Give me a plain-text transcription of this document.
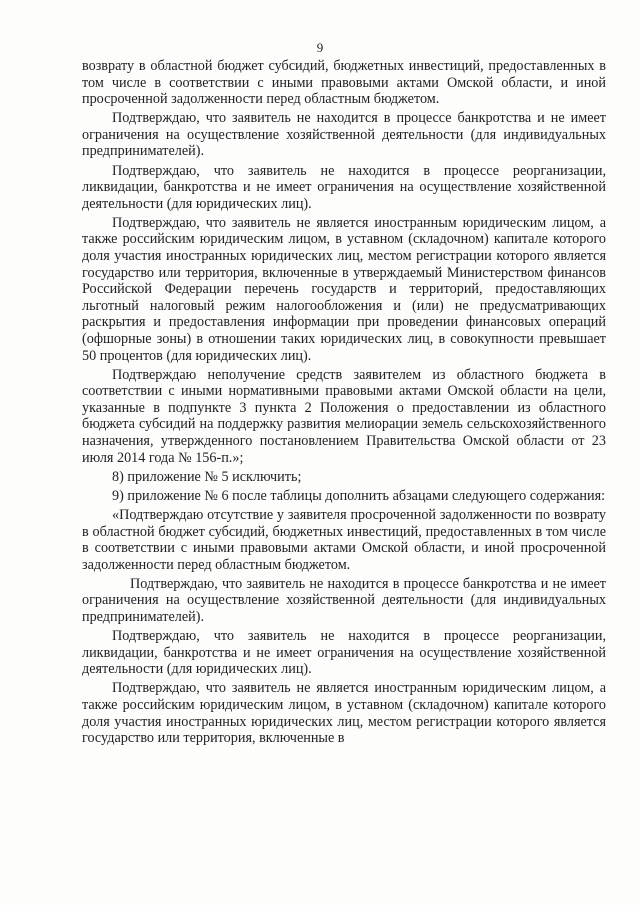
9

возврату в областной бюджет субсидий, бюджетных инвестиций, предоставленных в том числе в соответствии с иными правовыми актами Омской области, и иной просроченной задолженности перед областным бюджетом.

Подтверждаю, что заявитель не находится в процессе банкротства и не имеет ограничения на осуществление хозяйственной деятельности (для индивидуальных предпринимателей).

Подтверждаю, что заявитель не находится в процессе реорганизации, ликвидации, банкротства и не имеет ограничения на осуществление хозяйственной деятельности (для юридических лиц).

Подтверждаю, что заявитель не является иностранным юридическим лицом, а также российским юридическим лицом, в уставном (складочном) капитале которого доля участия иностранных юридических лиц, местом регистрации которого является государство или территория, включенные в утверждаемый Министерством финансов Российской Федерации перечень государств и территорий, предоставляющих льготный налоговый режим налогообложения и (или) не предусматривающих раскрытия и предоставления информации при проведении финансовых операций (офшорные зоны) в отношении таких юридических лиц, в совокупности превышает 50 процентов (для юридических лиц).

Подтверждаю неполучение средств заявителем из областного бюджета в соответствии с иными нормативными правовыми актами Омской области на цели, указанные в подпункте 3 пункта 2 Положения о предоставлении из областного бюджета субсидий на поддержку развития мелиорации земель сельскохозяйственного назначения, утвержденного постановлением Правительства Омской области от 23 июля 2014 года № 156-п.»;

8) приложение № 5 исключить;

9) приложение № 6 после таблицы дополнить абзацами следующего содержания:

«Подтверждаю отсутствие у заявителя просроченной задолженности по возврату в областной бюджет субсидий, бюджетных инвестиций, предоставленных в том числе в соответствии с иными правовыми актами Омской области, и иной просроченной задолженности перед областным бюджетом.

Подтверждаю, что заявитель не находится в процессе банкротства и не имеет ограничения на осуществление хозяйственной деятельности (для индивидуальных предпринимателей).

Подтверждаю, что заявитель не находится в процессе реорганизации, ликвидации, банкротства и не имеет ограничения на осуществление хозяйственной деятельности (для юридических лиц).

Подтверждаю, что заявитель не является иностранным юридическим лицом, а также российским юридическим лицом, в уставном (складочном) капитале которого доля участия иностранных юридических лиц, местом регистрации которого является государство или территория, включенные в
